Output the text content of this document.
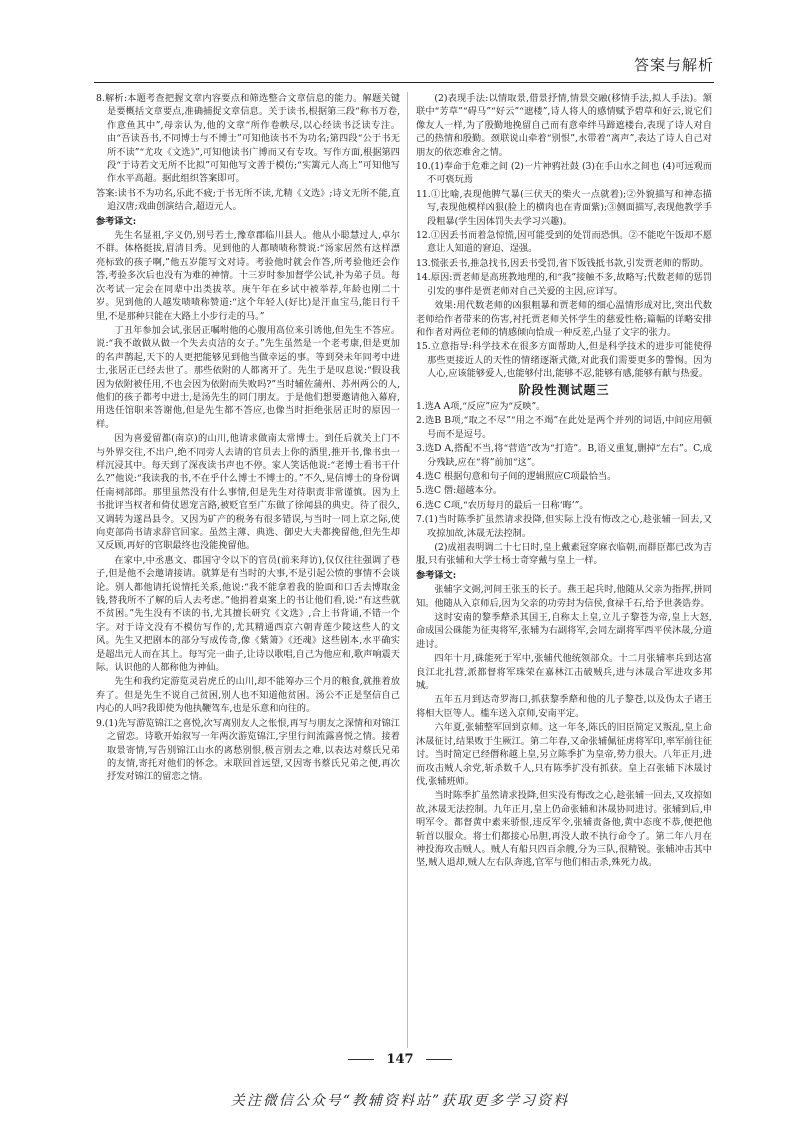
答案与解析

8.解析:本题考查把握文章内容要点和筛选整合文章信息的能力。解题关键是要概括文章要点,准确捕捉文章信息。关于读书,根据第三段“称书万卷,作意鱼其中”,母亲认为,他的文章“所作卷帙尽,以心经读书泛读专注。由“吾读吾书,不同博士与不博士”可知他读书不为功名;第四段“公于书无所不读”“尤攻《文选》”,可知他读书广博而又有专攻。写作方面,根据第四段“于诗若文无所不比拟”可知他写文善于模仿;“实篱元人高上”可知他写作水平高超。据此组织答案即可。

答案:读书不为功名,乐此不疲;于书无所不读,尤精《文选》;诗文无所不能,直追汉唐;戏曲创演结合,超迈元人。

参考译文:

先生名显祖,字义仍,别号若士,豫章郡临川县人。他从小聪慧过人,卓尔不群。体格挺拔,眉清目秀。见到他的人都啧啧称赞说:“汤家居然有这样漂亮标致的孩子啊,”他五岁能写文对诗。考验他时就会作答,所考验他还会作答,考验多次后也没有为难的神情。十三岁时参加督学公试,补为弟子员。每次考试一定会在同辈中出类拔萃。庚午年在乡试中被举荐,年龄也刚二十岁。见到他的人越发啧啧称赞道:“这个年轻人(好比)是汗血宝马,能日行千里,不是那种只能在大路上小步行走的马。”

丁丑年参加会试,张居正嘱咐他的心腹用高位来引诱他,但先生不答应。说:“我不敢做从做一个失去贞洁的女子。”先生虽然是一个老考康,但是更加的名声鹊起,天下的人更把能够见到他当做幸运的事。等到癸未年同考中进士,张居正已经去世了。那些依附的人都离开了。先生于是叹息说:“假设我因为依附被任用,不也会因为依附而失败吗?”当时辅佐蒲州、苏州两公的人,他们的孩子都考中进士,是汤先生的同门朋友。于是他们想要邀请他入幕府,用选任馆职来答谢他,但是先生都不答应,也像当时拒绝张居正时的原因一样。

因为喜爱留都(南京)的山川,他请求做南太常博士。到任后就关上门不与外界交往,不出户,绝不同旁人去请的官员去上你的酒里,推开书,像书虫一样沉浸其中。每天到了深夜读书声也不停。家人笑话他说:“老博士看书干什么?”他说:“我读我的书,不在乎什么博士不博士的。”不久,晃信博士的身份调任南祠部郎。那里虽然没有什么事情,但是先生对待职责非常谨慎。因为上书批评当权者和倚仗恩宠言路,被贬官至广东做了徐闻县的典史。待了很久,又调转为遂昌县令。又因为矿产的税务有很多错误,与当时一同上京之际,使向吏部尚书请求辞官回家。虽然主薄、典选、御史大夫都挽留他,但先生却又反顾,再好的官职最终也没能挽留他。

在家中,中丞惠文、郡国守令以下的官员(前来拜访),仅仅往往强调了巷子,但是他不会邀请接请。就算是有当时的大事,不是引起公愤的事情不会谈论。别人都他请托说情托关系,他说:“我不能拿着我的脸面和口舌去博取金钱,替我所不了解的后人去考虑。”他捐着桌案上的书让他们看,说:“有这些就不贫困。”先生没有不读的书,尤其擅长研究《文选》,合上书背诵,不错一个字。对于诗文没有不模仿写作的,尤其精通西京六朝青莲少陵这些人的文风。先生又把剧本的部分写成传奇,像《紫箫》《还魂》这些剧本,水平确实是超出元人而在其上。每写完一曲子,让诗以歌唱,自己为他应和,歌声响震天际。认识他的人都称他为神仙。

先生和我约定游览灵岩虎丘的山川,却不能筹办三个月的粮食,就推着放弃了。但是先生不说自己贫困,别人也不知道他贫困。汤公不正是坚信自己内心的人吗?我即使为他执鞭驾车,也是乐意和向往的。

9.(1)先写游览锦江之喜悦,次写离别友人之怅恨,再写与朋友之深情和对锦江之留恋。诗歌开始叙写一年两次游览锦江,字里行间流露喜悦之情。接着取景寄情,写告别锦江山水的离愁别恨,极言别去之难,以表达对蔡氏兄弟的友情,寄托对他们的怀念。末联回首远望,又因寄书蔡氏兄弟之便,再次抒发对锦江的留恋之情。

(2)表现手法:以情取景,借景抒情,情景交融(移情手法,拟人手法)。颔联中“芳草”“碍马”“好云”“遮楼”,诗人将人的感情赋予碧草和好云,说它们像友人一样,为了殷勤地挽留自己而有意牵绊马蹄遮楼台,表现了诗人对自己的热情和殷勤。颈联说山牵着“别恨”,水带着“离声”,表达了诗人自己对朋友的依恋难舍之情。

10.(1)奉命于危难之间 (2)一片神鸦社鼓 (3)在手山水之间也 (4)可远观而不可亵玩焉

11.①比喻,表现他脾气暴(三伏天的柴火一点就着);②外貌描写和神态描写,表现他模样凶狠(脸上的横肉也在青面紫);③侧面描写,表现他教学手段粗暴(学生因体罚失去学习兴趣)。

12.①因丢书而着急惊慌,因可能受到的处罚而恐惧。②不能吃午饭却不愿意让人知道的窘迫、逞强。

13.慌张丢书,推急找书,因丢书受罚,省下饭钱抵书款,引发贾老师的帮助。

14.原因:贾老师是高班教地理的,和“我”接触不多,故略写;代数老师的惩罚引发的事件是贾老师对自己关爱的主因,应详写。

效果:用代数老师的凶狠粗暴和贾老师的细心温情形成对比,突出代数老师给作者带来的伤害,衬托贾老师关怀学生的慈爱性格;篇幅的详略安排和作者对两位老师的情感倾向恰成一种反差,凸显了文字的张力。

15.立意指导:科学技术在很多方面帮助人,但是科学技术的进步可能使得那些更接近人的天性的情绪逐渐式微,对此我们需要更多的警惕。因为人心,应该能够爱人,也能够付出,能够不忍,能够有感,能够有献与热爱。

阶段性测试题三

1.选A A项,“反应”应为“反映”。

2.选B B项,“取之不尽”“用之不竭”在此处是两个并列的词语,中间应用顿号而不是逗号。

3.选D A,搭配不当,将“营造”改为“打造”。B,语义重复,删掉“左右”。C,成分残缺,应在“将”前加“这”。

4.选C 根据句意和句子间的逻辑照应C项最恰当。

5.选C 僭:超越本分。

6.选C C项,“农历每月的最后一日称‘晦’”。

7.(1)当时陈季扩虽然请求投降,但实际上没有悔改之心,趁张辅一回去,又攻掠加故,沐晟无法控制。

(2)成祖表明调二十七日时,皇上戴素冠穿麻衣临朝,而群臣都已改为吉服,只有张辅和大学士杨士奇穿戴与皇上一样。

参考译文:

张辅字文弼,河间王张玉的长子。燕王起兵时,他随从父亲为指挥,拼同知。他随从入京师后,因为父亲的功劳封为信侯,食禄千石,给予世袭诰券。

这时安南的黎季犛杀其国王,自称太上皇,立儿子黎苍为帝,皇上大怒,命成国公硃能为征夷将军,张辅为右副将军,会同左副将军西平侯沐晟,分道进讨。

四年十月,硃能死于军中,张辅代他统领部众。十二月张辅率兵到达富良江北扎营,派都督将军珠荣在嘉林江击破贼兵,进与沐晟合军进攻多邦城。

五年五月到达奇罗海口,抓获黎季犛和他的儿子黎苍,以及伪太子诸王将相大臣等人。槛车送入京师,安南平定。

六年夏,张辅整军回到京师。这一年冬,陈氏的旧臣简定又叛乱,皇上命沐晟征讨,结果败于生厥江。第二年春,又命张辅佩征虏将军印,率军前往征讨。当时简定已经僭称越上皇,另立陈季扩为皇帝,势力很大。八年正月,进而攻击贼人余党,斩杀数千人,只有陈季扩没有抓获。皇上召张辅下沐晟讨伐,张辅班师。

当时陈季扩虽然请求投降,但实没有悔改之心,趁张辅一回去,又攻掠如故,沐晟无法控制。九年正月,皇上仍命张辅和沐晟协同进讨。张辅到后,申明军令。都督黄中素来骄恨,违反军令,张辅责备他,黄中态度不恭,便把他斩首以服众。将士们都接心吊胆,再没人敢不执行命令了。第二年八月在神投海攻击贼人。贼人有船只四百余艘,分为三队,很精锐。张辅冲击其中坚,贼人退却,贼人左右队奔逃,官军与他们相击杀,殊死力战。

147
关注微信公众号“教辅资料站”获取更多学习资料
